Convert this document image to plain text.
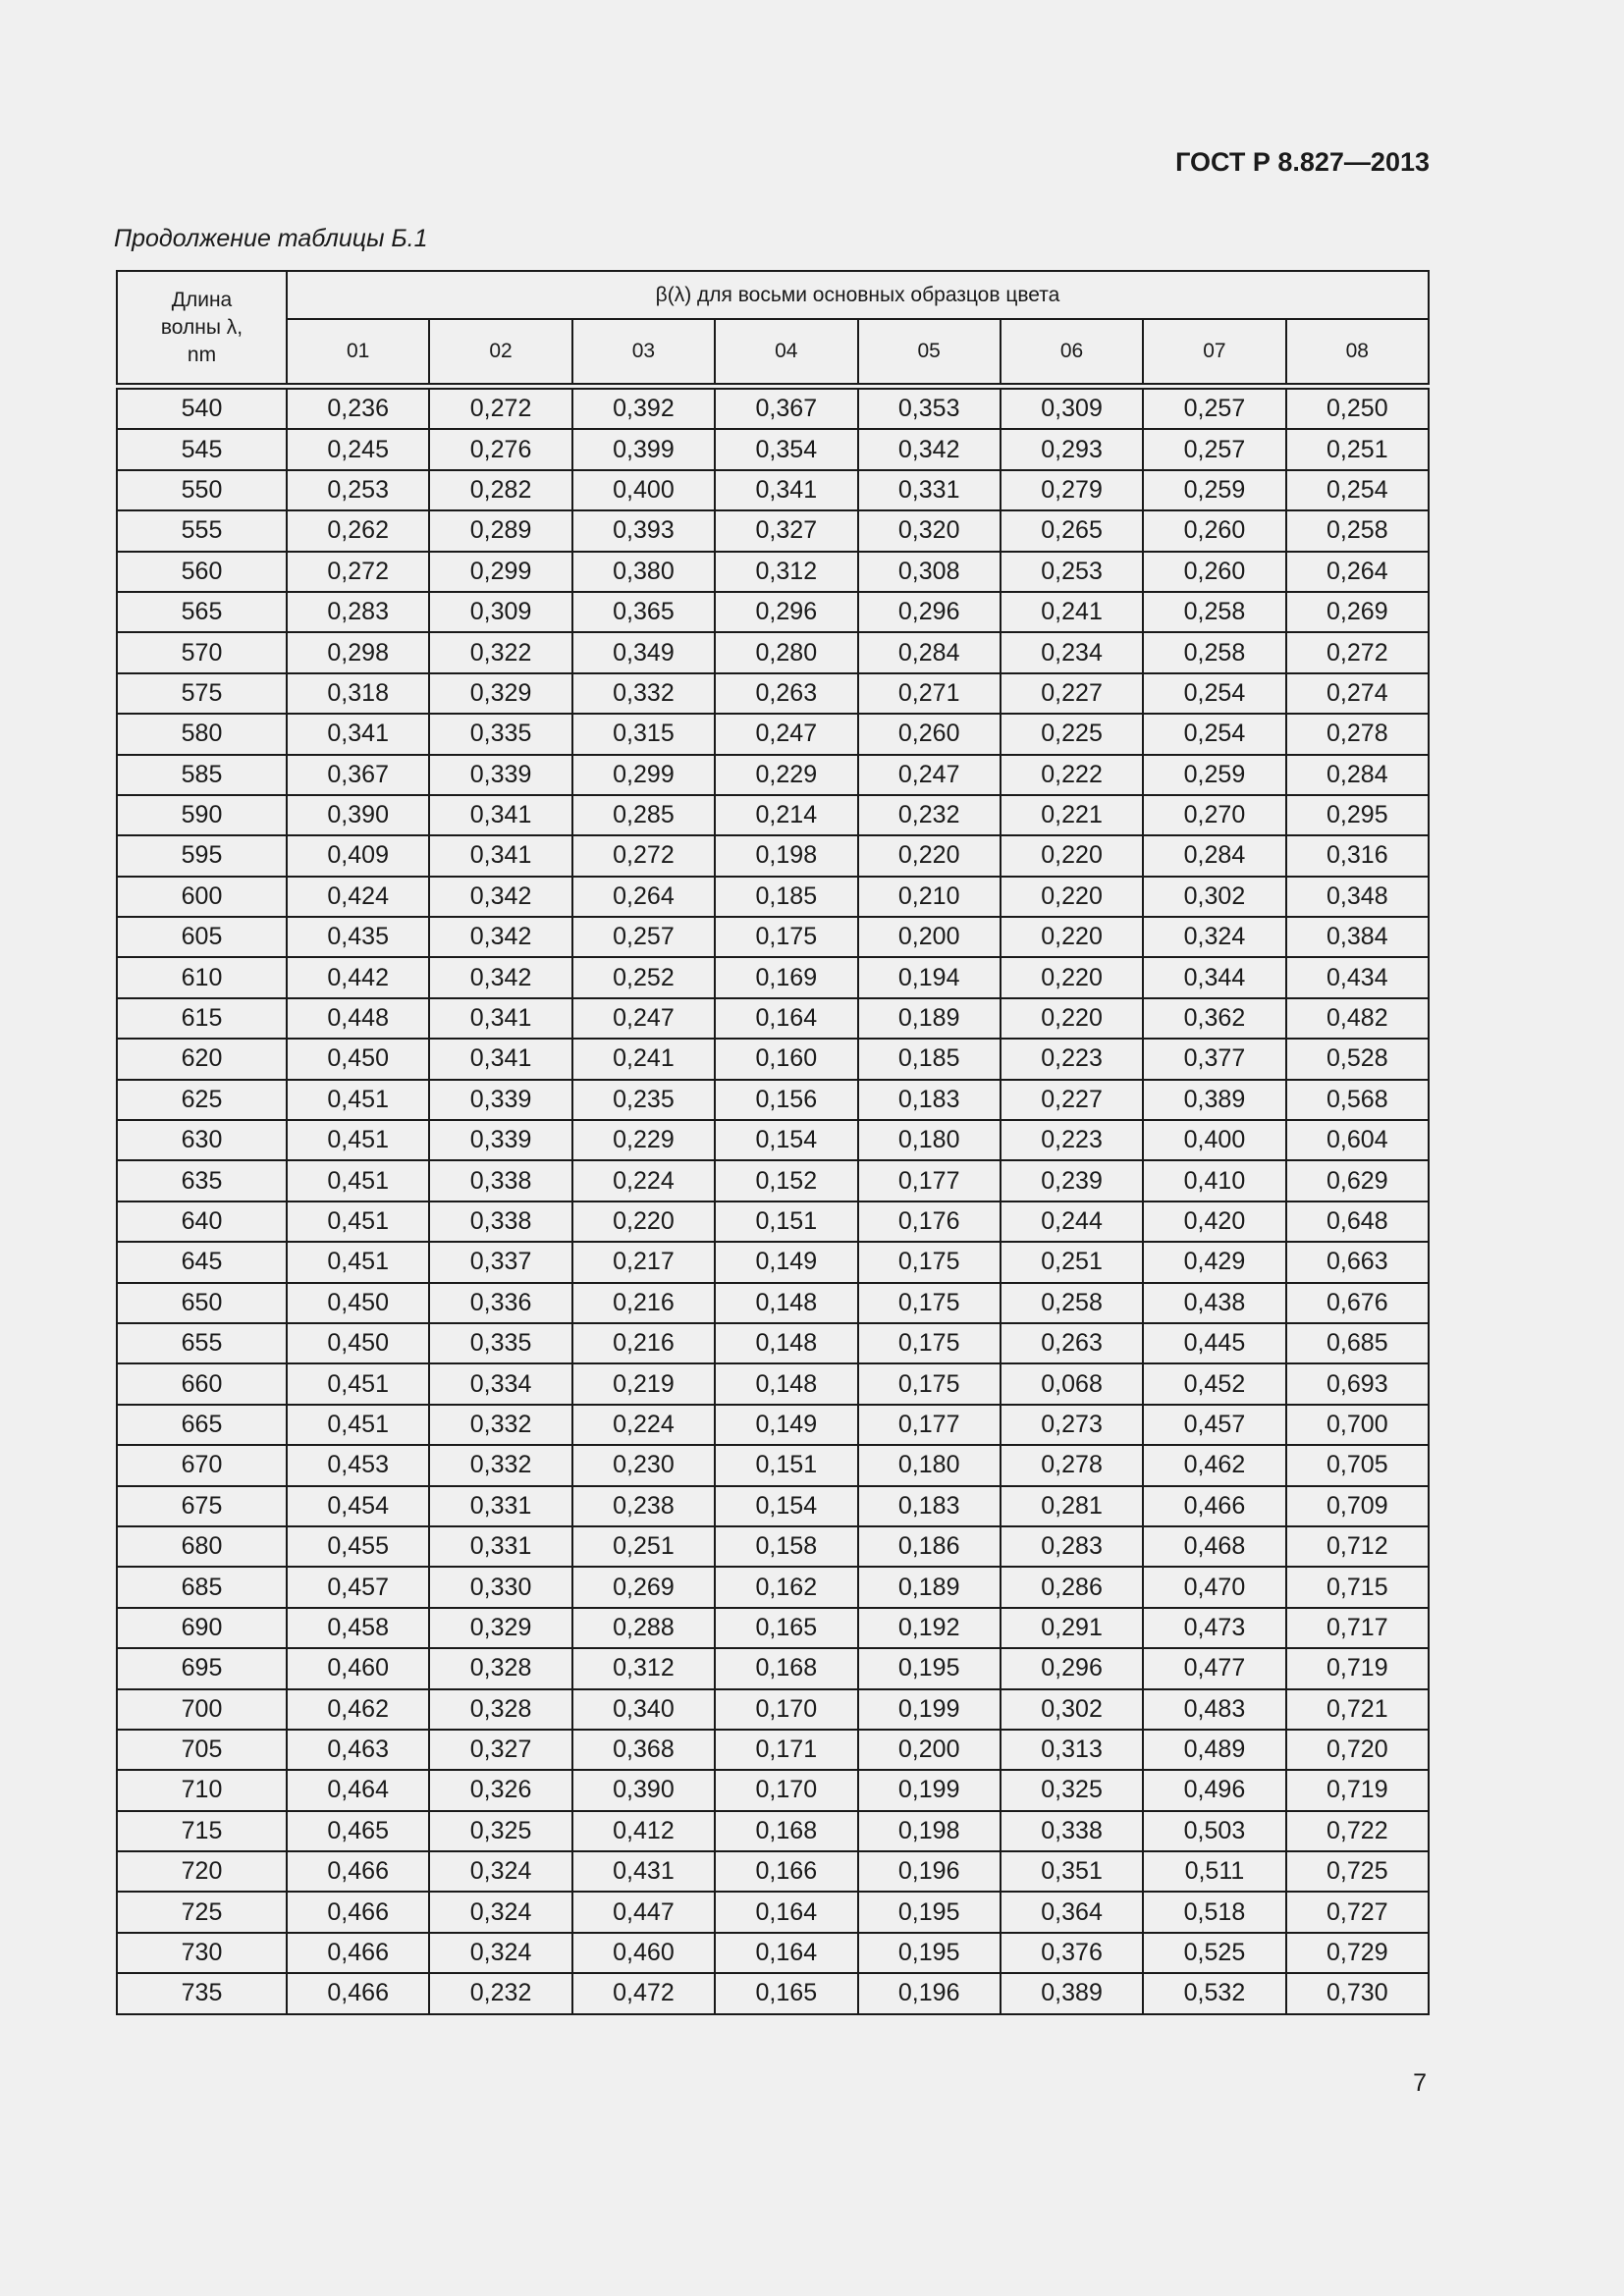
ГОСТ Р 8.827—2013
Продолжение таблицы Б.1
Длина
волны λ,
nm	β(λ) для восьми основных образцов цвета							
	01	02	03	04	05	06	07	08

540	0,236	0,272	0,392	0,367	0,353	0,309	0,257	0,250
545	0,245	0,276	0,399	0,354	0,342	0,293	0,257	0,251
550	0,253	0,282	0,400	0,341	0,331	0,279	0,259	0,254
555	0,262	0,289	0,393	0,327	0,320	0,265	0,260	0,258
560	0,272	0,299	0,380	0,312	0,308	0,253	0,260	0,264
565	0,283	0,309	0,365	0,296	0,296	0,241	0,258	0,269
570	0,298	0,322	0,349	0,280	0,284	0,234	0,258	0,272
575	0,318	0,329	0,332	0,263	0,271	0,227	0,254	0,274
580	0,341	0,335	0,315	0,247	0,260	0,225	0,254	0,278
585	0,367	0,339	0,299	0,229	0,247	0,222	0,259	0,284
590	0,390	0,341	0,285	0,214	0,232	0,221	0,270	0,295
595	0,409	0,341	0,272	0,198	0,220	0,220	0,284	0,316
600	0,424	0,342	0,264	0,185	0,210	0,220	0,302	0,348
605	0,435	0,342	0,257	0,175	0,200	0,220	0,324	0,384
610	0,442	0,342	0,252	0,169	0,194	0,220	0,344	0,434
615	0,448	0,341	0,247	0,164	0,189	0,220	0,362	0,482
620	0,450	0,341	0,241	0,160	0,185	0,223	0,377	0,528
625	0,451	0,339	0,235	0,156	0,183	0,227	0,389	0,568
630	0,451	0,339	0,229	0,154	0,180	0,223	0,400	0,604
635	0,451	0,338	0,224	0,152	0,177	0,239	0,410	0,629
640	0,451	0,338	0,220	0,151	0,176	0,244	0,420	0,648
645	0,451	0,337	0,217	0,149	0,175	0,251	0,429	0,663
650	0,450	0,336	0,216	0,148	0,175	0,258	0,438	0,676
655	0,450	0,335	0,216	0,148	0,175	0,263	0,445	0,685
660	0,451	0,334	0,219	0,148	0,175	0,068	0,452	0,693
665	0,451	0,332	0,224	0,149	0,177	0,273	0,457	0,700
670	0,453	0,332	0,230	0,151	0,180	0,278	0,462	0,705
675	0,454	0,331	0,238	0,154	0,183	0,281	0,466	0,709
680	0,455	0,331	0,251	0,158	0,186	0,283	0,468	0,712
685	0,457	0,330	0,269	0,162	0,189	0,286	0,470	0,715
690	0,458	0,329	0,288	0,165	0,192	0,291	0,473	0,717
695	0,460	0,328	0,312	0,168	0,195	0,296	0,477	0,719
700	0,462	0,328	0,340	0,170	0,199	0,302	0,483	0,721
705	0,463	0,327	0,368	0,171	0,200	0,313	0,489	0,720
710	0,464	0,326	0,390	0,170	0,199	0,325	0,496	0,719
715	0,465	0,325	0,412	0,168	0,198	0,338	0,503	0,722
720	0,466	0,324	0,431	0,166	0,196	0,351	0,511	0,725
725	0,466	0,324	0,447	0,164	0,195	0,364	0,518	0,727
730	0,466	0,324	0,460	0,164	0,195	0,376	0,525	0,729
735	0,466	0,232	0,472	0,165	0,196	0,389	0,532	0,730
7
